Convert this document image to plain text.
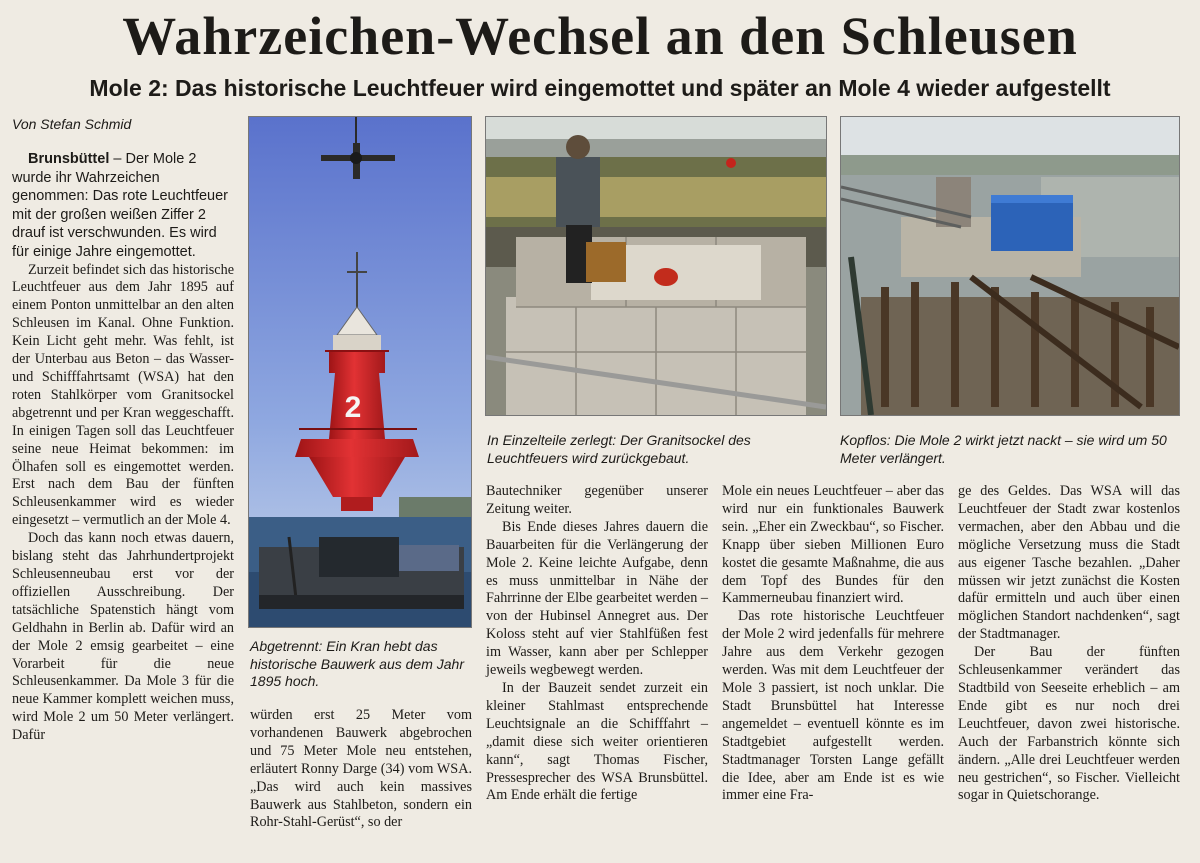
Wahrzeichen-Wechsel an den Schleusen
Mole 2: Das historische Leuchtfeuer wird eingemottet und später an Mole 4 wieder aufgestellt
Von Stefan Schmid

Brunsbüttel – Der Mole 2 wurde ihr Wahrzeichen genommen: Das rote Leuchtfeuer mit der großen weißen Ziffer 2 drauf ist verschwunden. Es wird für einige Jahre eingemottet.

Zurzeit befindet sich das historische Leuchtfeuer aus dem Jahr 1895 auf einem Ponton unmittelbar an den alten Schleusen im Kanal. Ohne Funktion. Kein Licht geht mehr. Was fehlt, ist der Unterbau aus Beton – das Wasser- und Schifffahrtsamt (WSA) hat den roten Stahlkörper vom Granitsockel abgetrennt und per Kran weggeschafft. In einigen Tagen soll das Leuchtfeuer seine neue Heimat bekommen: im Ölhafen soll es eingemottet werden. Erst nach dem Bau der fünften Schleusenkammer wird es wieder eingesetzt – vermutlich an der Mole 4.

Doch das kann noch etwas dauern, bislang steht das Jahrhundertprojekt Schleusenneubau erst vor der offiziellen Ausschreibung. Der tatsächliche Spatenstich hängt vom Geldhahn in Berlin ab. Dafür wird an der Mole 2 emsig gearbeitet – eine Vorarbeit für die neue Schleusenkammer. Da Mole 3 für die neue Kammer komplett weichen muss, wird Mole 2 um 50 Meter verlängert. Dafür

2
Abgetrennt: Ein Kran hebt das historische Bauwerk aus dem Jahr 1895 hoch.
In Einzelteile zerlegt: Der Granitsockel des Leuchtfeuers wird zurückgebaut.
Kopflos: Die Mole 2 wirkt jetzt nackt – sie wird um 50 Meter verlängert.

würden erst 25 Meter vom vorhandenen Bauwerk abgebrochen und 75 Meter Mole neu entstehen, erläutert Ronny Darge (34) vom WSA. „Das wird auch kein massives Bauwerk aus Stahlbeton, sondern ein Rohr-Stahl-Gerüst“, so der

Bautechniker gegenüber unserer Zeitung weiter.

Bis Ende dieses Jahres dauern die Bauarbeiten für die Verlängerung der Mole 2. Keine leichte Aufgabe, denn es muss unmittelbar in Nähe der Fahrrinne der Elbe gearbeitet werden – von der Hubinsel Annegret aus. Der Koloss steht auf vier Stahlfüßen fest im Wasser, kann aber per Schlepper jeweils wegbewegt werden.

In der Bauzeit sendet zurzeit ein kleiner Stahlmast entsprechende Leuchtsignale an die Schifffahrt – „damit diese sich weiter orientieren kann“, sagt Thomas Fischer, Pressesprecher des WSA Brunsbüttel. Am Ende erhält die fertige

Mole ein neues Leuchtfeuer – aber das wird nur ein funktionales Bauwerk sein. „Eher ein Zweckbau“, so Fischer. Knapp über sieben Millionen Euro kostet die gesamte Maßnahme, die aus dem Topf des Bundes für den Kammerneubau finanziert wird.

Das rote historische Leuchtfeuer der Mole 2 wird jedenfalls für mehrere Jahre aus dem Verkehr gezogen werden. Was mit dem Leuchtfeuer der Mole 3 passiert, ist noch unklar. Die Stadt Brunsbüttel hat Interesse angemeldet – eventuell könnte es im Stadtgebiet aufgestellt werden. Stadtmanager Torsten Lange gefällt die Idee, aber am Ende ist es wie immer eine Fra-

ge des Geldes. Das WSA will das Leuchtfeuer der Stadt zwar kostenlos vermachen, aber den Abbau und die mögliche Versetzung muss die Stadt aus eigener Tasche bezahlen. „Daher müssen wir jetzt zunächst die Kosten dafür ermitteln und auch über einen möglichen Standort nachdenken“, sagt der Stadtmanager.

Der Bau der fünften Schleusenkammer verändert das Stadtbild von Seeseite erheblich – am Ende gibt es nur noch drei Leuchtfeuer, davon zwei historische. Auch der Farbanstrich könnte sich ändern. „Alle drei Leuchtfeuer werden neu gestrichen“, so Fischer. Vielleicht sogar in Quietschorange.
